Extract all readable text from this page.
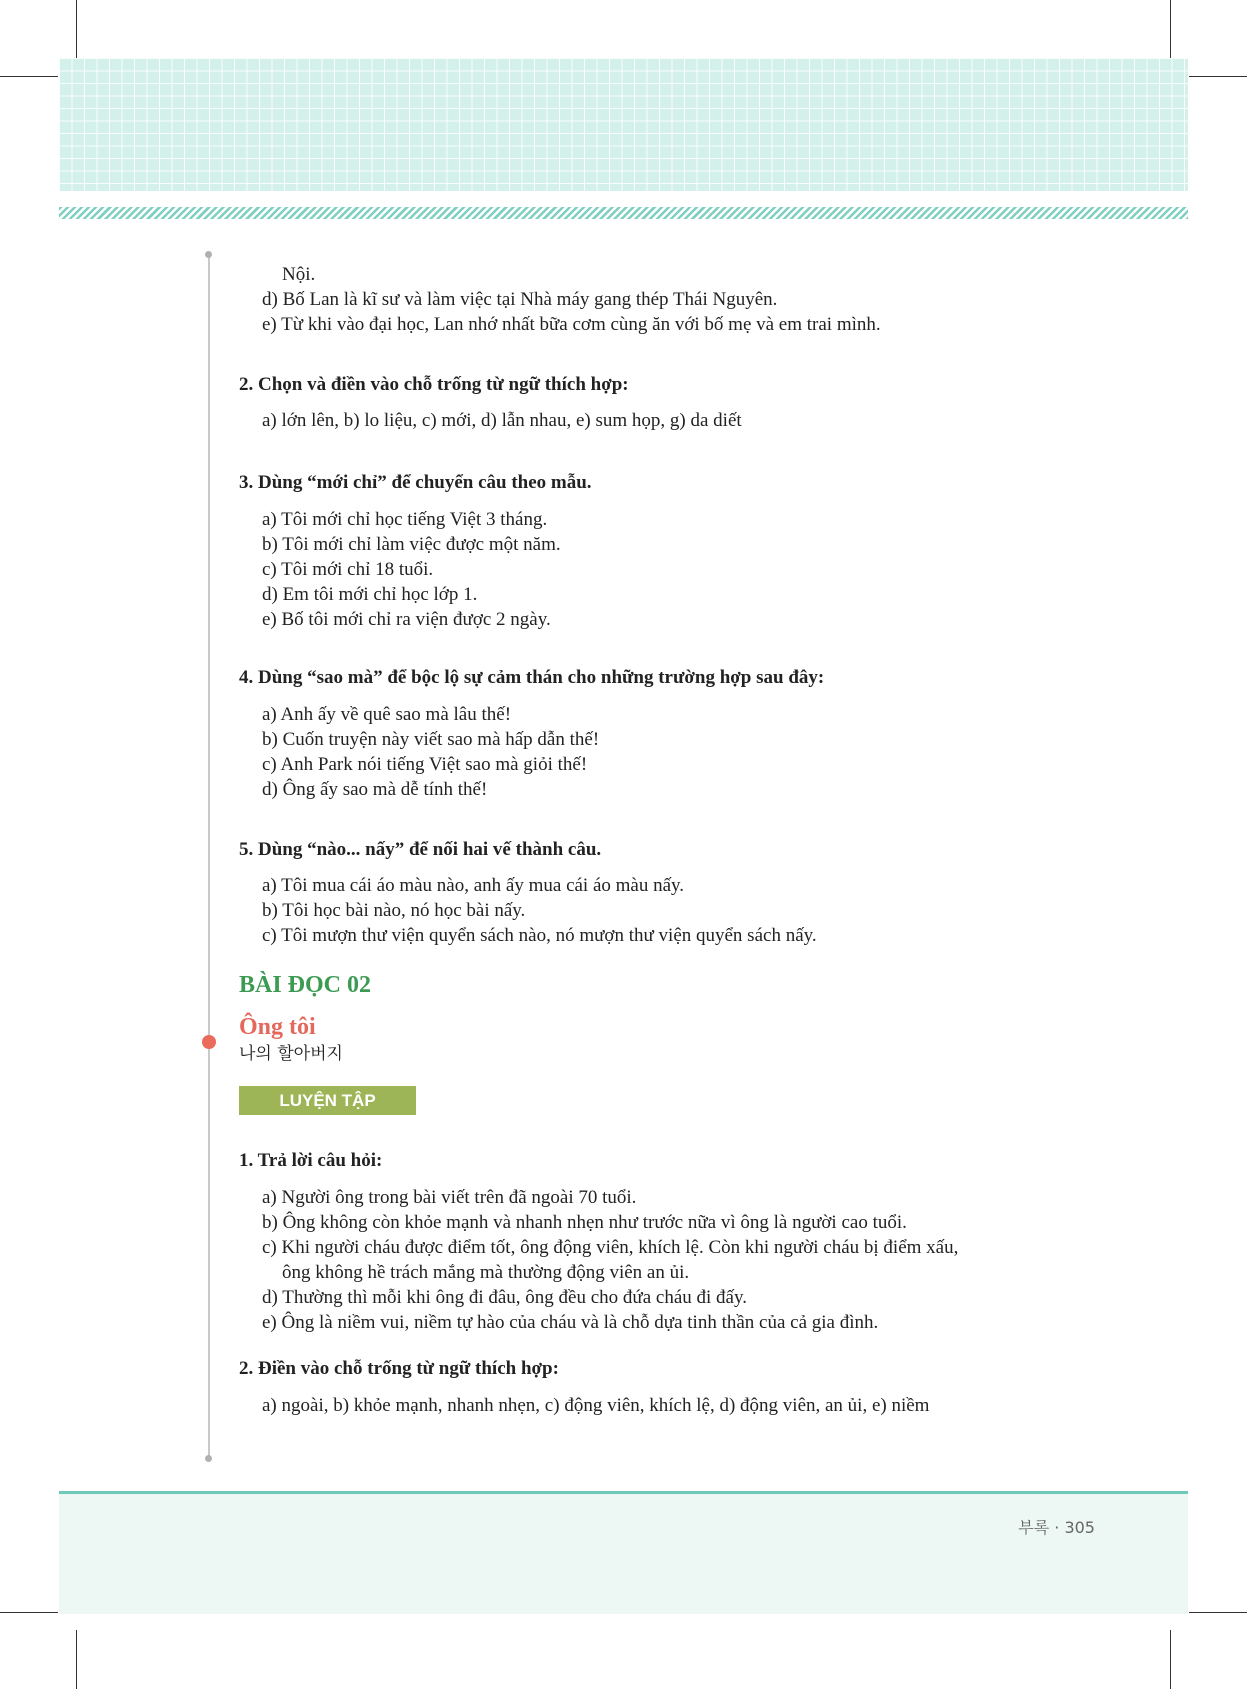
Nội.
d) Bố Lan là kĩ sư và làm việc tại Nhà máy gang thép Thái Nguyên.
e) Từ khi vào đại học, Lan nhớ nhất bữa cơm cùng ăn với bố mẹ và em trai mình.
2. Chọn và điền vào chỗ trống từ ngữ thích hợp:
a) lớn lên, b) lo liệu, c) mới, d) lẫn nhau, e) sum họp, g) da diết
3. Dùng “mới chỉ” để chuyển câu theo mẫu.
a) Tôi mới chỉ học tiếng Việt 3 tháng.
b) Tôi mới chỉ làm việc được một năm.
c) Tôi mới chỉ 18 tuổi.
d) Em tôi mới chỉ học lớp 1.
e) Bố tôi mới chỉ ra viện được 2 ngày.
4. Dùng “sao mà” để bộc lộ sự cảm thán cho những trường hợp sau đây:
a) Anh ấy về quê sao mà lâu thế!
b) Cuốn truyện này viết sao mà hấp dẫn thế!
c) Anh Park nói tiếng Việt sao mà giỏi thế!
d) Ông ấy sao mà dễ tính thế!
5. Dùng “nào... nấy” để nối hai vế thành câu.
a) Tôi mua cái áo màu nào, anh ấy mua cái áo màu nấy.
b) Tôi học bài nào, nó học bài nấy.
c) Tôi mượn thư viện quyển sách nào, nó mượn thư viện quyển sách nấy.
BÀI ĐỌC 02
Ông tôi
나의 할아버지
LUYỆN TẬP
1. Trả lời câu hỏi:
a) Người ông trong bài viết trên đã ngoài 70 tuổi.
b) Ông không còn khỏe mạnh và nhanh nhẹn như trước nữa vì ông là người cao tuổi.
c) Khi người cháu được điểm tốt, ông động viên, khích lệ. Còn khi người cháu bị điểm xấu,
ông không hề trách mắng mà thường động viên an ủi.
d) Thường thì mỗi khi ông đi đâu, ông đều cho đứa cháu đi đấy.
e) Ông là niềm vui, niềm tự hào của cháu và là chỗ dựa tinh thần của cả gia đình.
2. Điền vào chỗ trống từ ngữ thích hợp:
a) ngoài, b) khỏe mạnh, nhanh nhẹn, c) động viên, khích lệ, d) động viên, an ủi, e) niềm
부록 · 305
